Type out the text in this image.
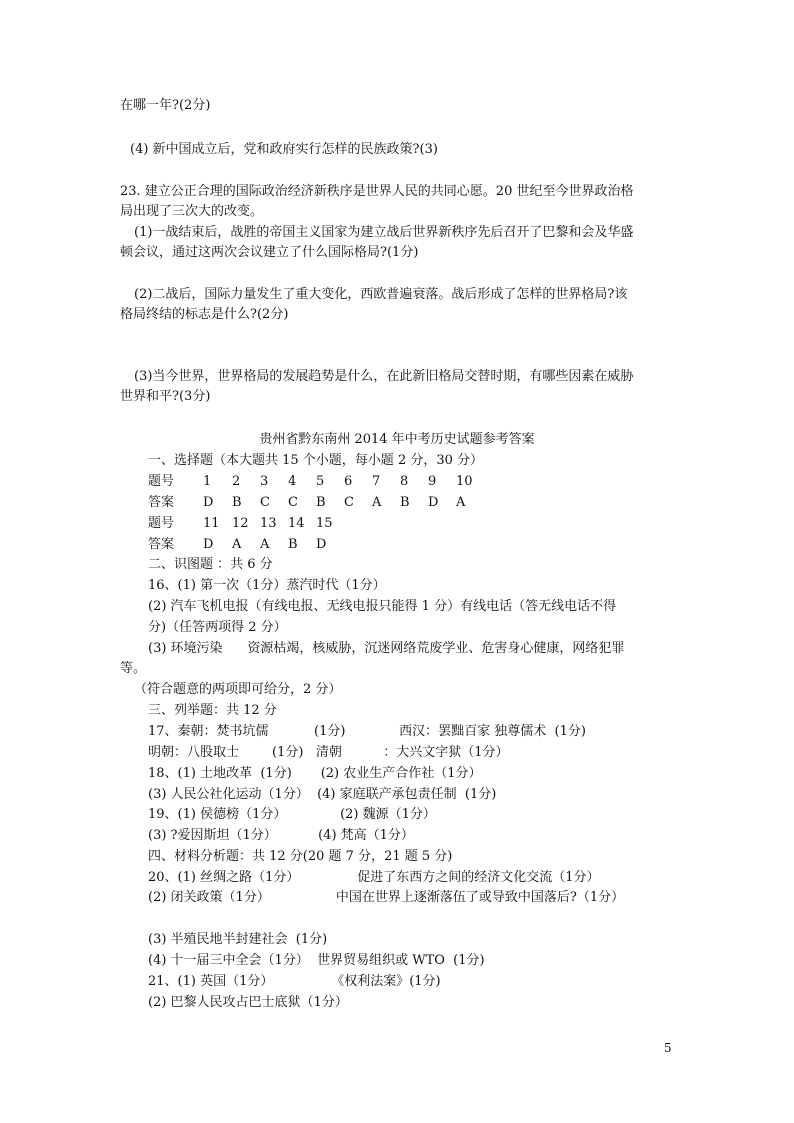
在哪一年?(2分)
(4) 新中国成立后，党和政府实行怎样的民族政策?(3)
23. 建立公正合理的国际政治经济新秩序是世界人民的共同心愿。20 世纪至今世界政治格
局出现了三次大的改变。
(1)一战结束后，战胜的帝国主义国家为建立战后世界新秩序先后召开了巴黎和会及华盛
顿会议，通过这两次会议建立了什么国际格局?(1分)
(2)二战后，国际力量发生了重大变化，西欧普遍衰落。战后形成了怎样的世界格局?该
格局终结的标志是什么?(2分)
(3)当今世界，世界格局的发展趋势是什么，在此新旧格局交替时期，有哪些因素在威胁
世界和平?(3分)
贵州省黔东南州 2014 年中考历史试题参考答案
一、选择题（本大题共 15 个小题，每小题 2 分，30 分）
题号 1 2 3 4 5 6 7 8 9 10
答案 D B C C B C A B D A
题号 11 12 13 14 15
答案 D A A B D
二、识图题 ：共 6 分
16、(1) 第一次（1分）蒸汽时代（1分）
(2) 汽车飞机电报（有线电报、无线电报只能得 1 分）有线电话（答无线电话不得
分)（任答两项得 2 分）
(3) 环境污染      资源枯竭，核威胁，沉迷网络荒废学业、危害身心健康，网络犯罪
等。
（符合题意的两项即可给分，2 分）
三、列举题：共 12 分
17、秦朝：焚书坑儒           (1分)             西汉：罢黜百家 独尊儒术  (1分)
明朝：八股取士        (1分)   清朝          ：大兴文字狱（1分）
18、(1) 土地改革  (1分)       (2) 农业生产合作社（1分）
(3) 人民公社化运动（1分）  (4) 家庭联产承包责任制  (1分)
19、(1) 侯德榜（1分）             (2) 魏源（1分）
(3) ?爱因斯坦（1分）          (4) 梵高（1分）
四、材料分析题：共 12 分(20 题 7 分，21 题 5 分)
20、(1) 丝绸之路（1分）              促进了东西方之间的经济文化交流（1分）
(2) 闭关政策（1分）                中国在世界上逐渐落伍了或导致中国落后?（1分）
(3) 半殖民地半封建社会  (1分)
(4) 十一届三中全会（1分）  世界贸易组织或 WTO  (1分)
21、(1) 英国（1分）              《权利法案》(1分)
(2) 巴黎人民攻占巴士底狱（1分）
5
